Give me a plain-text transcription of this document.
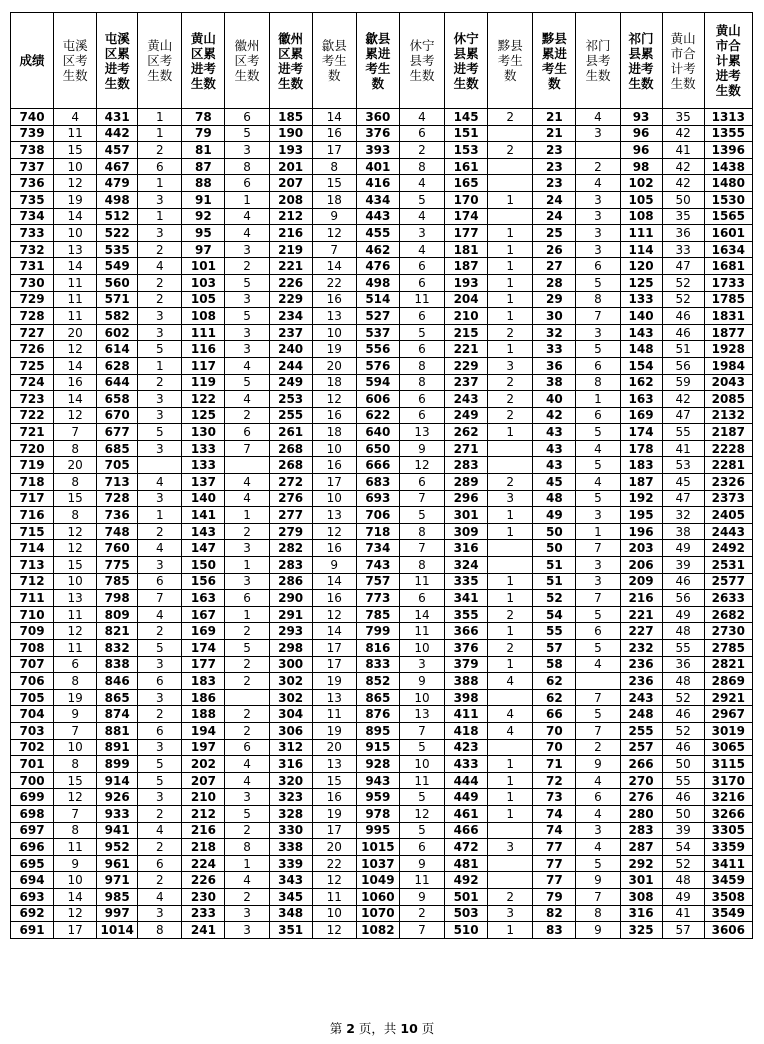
成绩	屯溪区考生数	屯溪区累进考生数	黄山区考生数	黄山区累进考生数	徽州区考生数	徽州区累进考生数	歙县考生数	歙县累进考生数	休宁县考生数	休宁县累进考生数	黟县考生数	黟县累进考生数	祁门县考生数	祁门县累进考生数	黄山市合计考生数	黄山市合计累进考生数
740	4	431	1	78	6	185	14	360	4	145	2	21	4	93	35	1313
739	11	442	1	79	5	190	16	376	6	151		21	3	96	42	1355
738	15	457	2	81	3	193	17	393	2	153	2	23		96	41	1396
737	10	467	6	87	8	201	8	401	8	161		23	2	98	42	1438
736	12	479	1	88	6	207	15	416	4	165		23	4	102	42	1480
735	19	498	3	91	1	208	18	434	5	170	1	24	3	105	50	1530
734	14	512	1	92	4	212	9	443	4	174		24	3	108	35	1565
733	10	522	3	95	4	216	12	455	3	177	1	25	3	111	36	1601
732	13	535	2	97	3	219	7	462	4	181	1	26	3	114	33	1634
731	14	549	4	101	2	221	14	476	6	187	1	27	6	120	47	1681
730	11	560	2	103	5	226	22	498	6	193	1	28	5	125	52	1733
729	11	571	2	105	3	229	16	514	11	204	1	29	8	133	52	1785
728	11	582	3	108	5	234	13	527	6	210	1	30	7	140	46	1831
727	20	602	3	111	3	237	10	537	5	215	2	32	3	143	46	1877
726	12	614	5	116	3	240	19	556	6	221	1	33	5	148	51	1928
725	14	628	1	117	4	244	20	576	8	229	3	36	6	154	56	1984
724	16	644	2	119	5	249	18	594	8	237	2	38	8	162	59	2043
723	14	658	3	122	4	253	12	606	6	243	2	40	1	163	42	2085
722	12	670	3	125	2	255	16	622	6	249	2	42	6	169	47	2132
721	7	677	5	130	6	261	18	640	13	262	1	43	5	174	55	2187
720	8	685	3	133	7	268	10	650	9	271		43	4	178	41	2228
719	20	705		133		268	16	666	12	283		43	5	183	53	2281
718	8	713	4	137	4	272	17	683	6	289	2	45	4	187	45	2326
717	15	728	3	140	4	276	10	693	7	296	3	48	5	192	47	2373
716	8	736	1	141	1	277	13	706	5	301	1	49	3	195	32	2405
715	12	748	2	143	2	279	12	718	8	309	1	50	1	196	38	2443
714	12	760	4	147	3	282	16	734	7	316		50	7	203	49	2492
713	15	775	3	150	1	283	9	743	8	324		51	3	206	39	2531
712	10	785	6	156	3	286	14	757	11	335	1	51	3	209	46	2577
711	13	798	7	163	6	290	16	773	6	341	1	52	7	216	56	2633
710	11	809	4	167	1	291	12	785	14	355	2	54	5	221	49	2682
709	12	821	2	169	2	293	14	799	11	366	1	55	6	227	48	2730
708	11	832	5	174	5	298	17	816	10	376	2	57	5	232	55	2785
707	6	838	3	177	2	300	17	833	3	379	1	58	4	236	36	2821
706	8	846	6	183	2	302	19	852	9	388	4	62		236	48	2869
705	19	865	3	186		302	13	865	10	398		62	7	243	52	2921
704	9	874	2	188	2	304	11	876	13	411	4	66	5	248	46	2967
703	7	881	6	194	2	306	19	895	7	418	4	70	7	255	52	3019
702	10	891	3	197	6	312	20	915	5	423		70	2	257	46	3065
701	8	899	5	202	4	316	13	928	10	433	1	71	9	266	50	3115
700	15	914	5	207	4	320	15	943	11	444	1	72	4	270	55	3170
699	12	926	3	210	3	323	16	959	5	449	1	73	6	276	46	3216
698	7	933	2	212	5	328	19	978	12	461	1	74	4	280	50	3266
697	8	941	4	216	2	330	17	995	5	466		74	3	283	39	3305
696	11	952	2	218	8	338	20	1015	6	472	3	77	4	287	54	3359
695	9	961	6	224	1	339	22	1037	9	481		77	5	292	52	3411
694	10	971	2	226	4	343	12	1049	11	492		77	9	301	48	3459
693	14	985	4	230	2	345	11	1060	9	501	2	79	7	308	49	3508
692	12	997	3	233	3	348	10	1070	2	503	3	82	8	316	41	3549
691	17	1014	8	241	3	351	12	1082	7	510	1	83	9	325	57	3606
第 2 页，共 10 页
